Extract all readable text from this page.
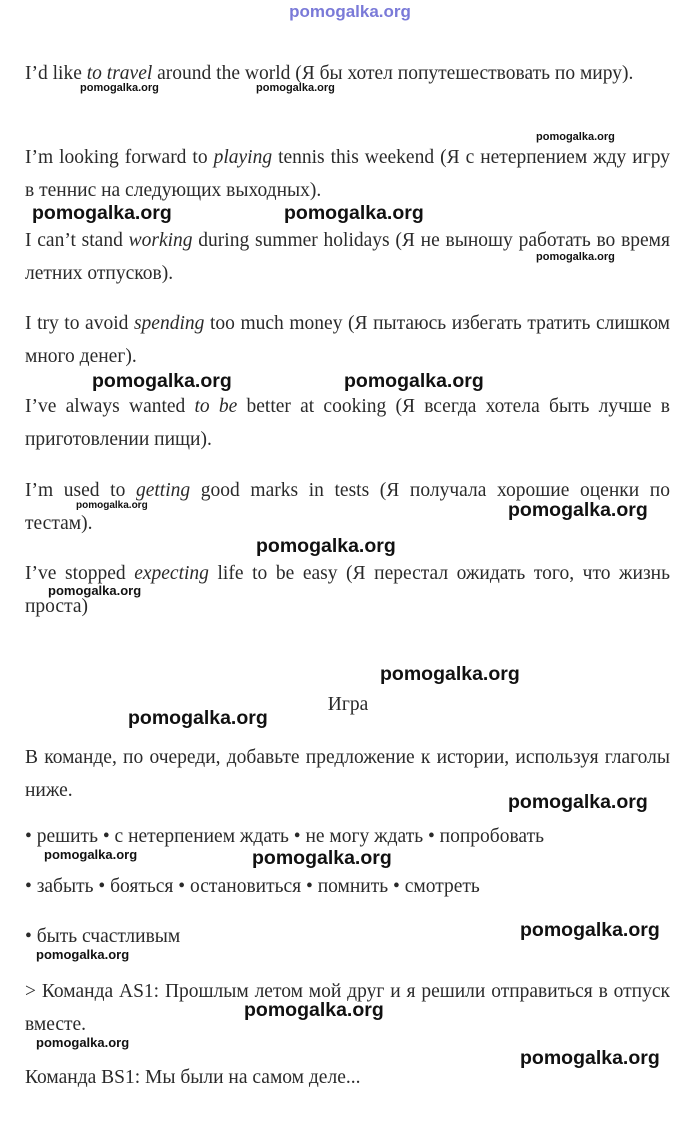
pomogalka.org
I’d like to travel around the world (Я бы хотел попутешествовать по миру).
I’m looking forward to playing tennis this weekend (Я с нетерпением жду игру в теннис на следующих выходных).
I can’t stand working during summer holidays (Я не выношу работать во время летних отпусков).
I try to avoid spending too much money (Я пытаюсь избегать тратить слишком много денег).
I’ve always wanted to be better at cooking (Я всегда хотела быть лучше в приготовлении пищи).
I’m used to getting good marks in tests (Я получала хорошие оценки по тестам).
I’ve stopped expecting life to be easy (Я перестал ожидать того, что жизнь проста)
Игра
В команде, по очереди, добавьте предложение к истории, используя глаголы ниже.
• решить • с нетерпением ждать • не могу ждать • попробовать
• забыть • бояться • остановиться • помнить • смотреть
• быть счастливым
> Команда AS1: Прошлым летом мой друг и я решили отправиться в отпуск вместе.
Команда BS1: Мы были на самом деле...
pomogalka.org	pomogalka.org
pomogalka.org
pomogalka.org	pomogalka.org
pomogalka.org
pomogalka.org	pomogalka.org
pomogalka.org	pomogalka.org
pomogalka.org
pomogalka.org
pomogalka.org
pomogalka.org
pomogalka.org
pomogalka.org	pomogalka.org
pomogalka.org
pomogalka.org
pomogalka.org
pomogalka.org
pomogalka.org
